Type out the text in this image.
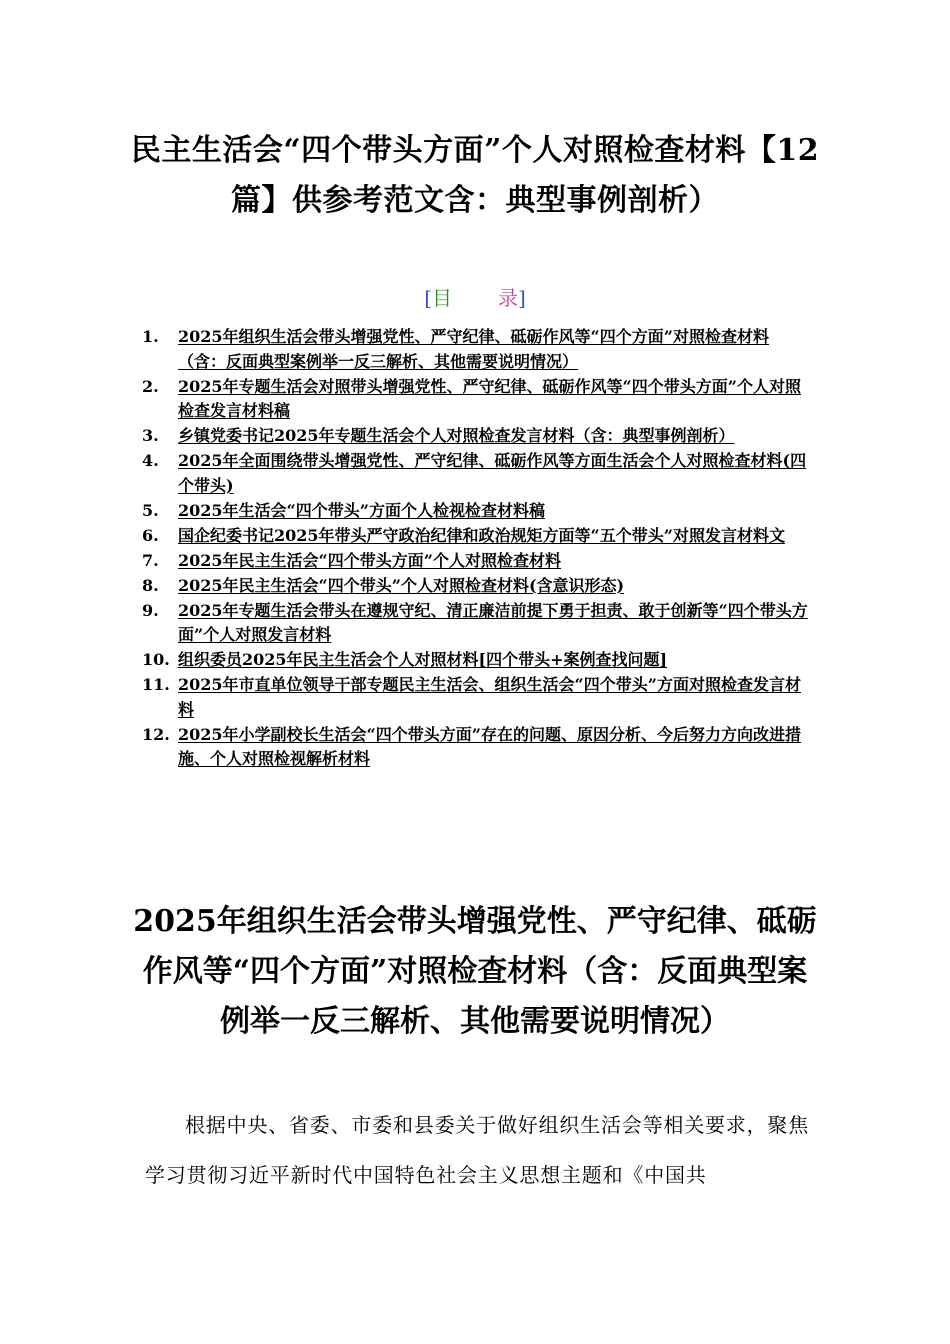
民主生活会“四个带头方面”个人对照检查材料【12篇】供参考范文含：典型事例剖析）
[目 录]
1. 2025年组织生活会带头增强党性、严守纪律、砥砺作风等“四个方面”对照检查材料（含：反面典型案例举一反三解析、其他需要说明情况）
2. 2025年专题生活会对照带头增强党性、严守纪律、砥砺作风等“四个带头方面”个人对照检查发言材料稿
3. 乡镇党委书记2025年专题生活会个人对照检查发言材料（含：典型事例剖析）
4. 2025年全面围绕带头增强党性、严守纪律、砥砺作风等方面生活会个人对照检查材料(四个带头)
5. 2025年生活会“四个带头”方面个人检视检查材料稿
6. 国企纪委书记2025年带头严守政治纪律和政治规矩方面等“五个带头”对照发言材料文
7. 2025年民主生活会“四个带头方面”个人对照检查材料
8. 2025年民主生活会“四个带头”个人对照检查材料(含意识形态)
9. 2025年专题生活会带头在遵规守纪、清正廉洁前提下勇于担责、敢于创新等“四个带头方面”个人对照发言材料
10. 组织委员2025年民主生活会个人对照材料[四个带头+案例查找问题]
11. 2025年市直单位领导干部专题民主生活会、组织生活会“四个带头”方面对照检查发言材料
12. 2025年小学副校长生活会“四个带头方面”存在的问题、原因分析、今后努力方向改进措施、个人对照检视解析材料
2025年组织生活会带头增强党性、严守纪律、砥砺作风等“四个方面”对照检查材料（含：反面典型案例举一反三解析、其他需要说明情况）

根据中央、省委、市委和县委关于做好组织生活会等相关要求，聚焦学习贯彻习近平新时代中国特色社会主义思想主题和《中国共
